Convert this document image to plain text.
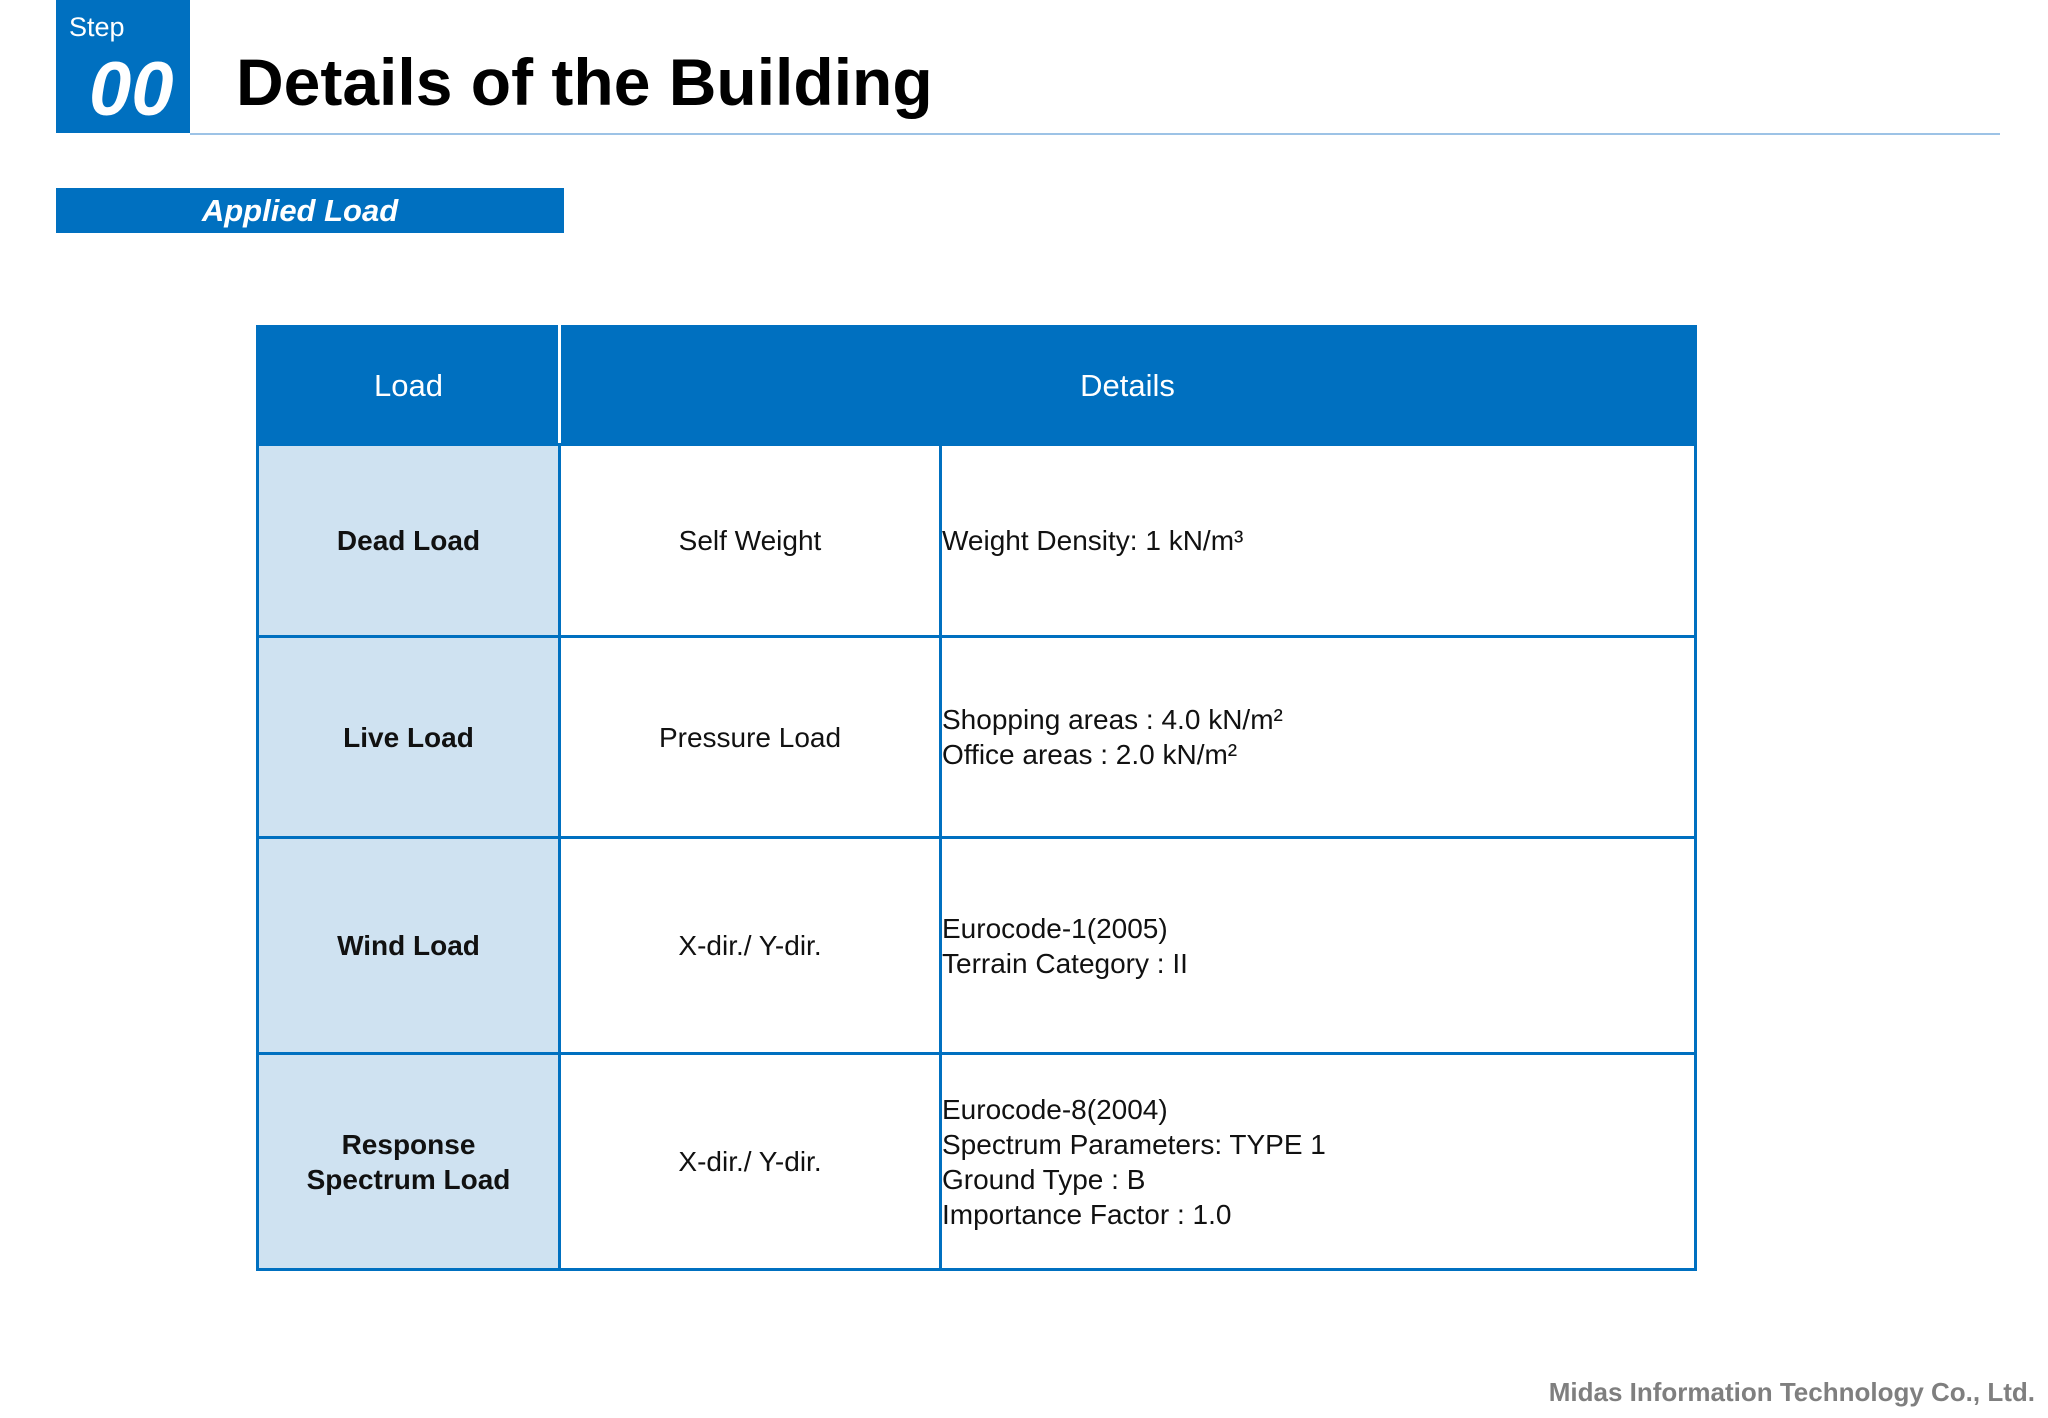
Step
00 Details of the Building
Applied Load
Load	Details	
Dead Load	Self Weight	Weight Density: 1 kN/m³

Live Load	Pressure Load	Shopping areas : 4.0 kN/m²
Office areas : 2.0 kN/m²

Wind Load	X-dir./ Y-dir.	Eurocode-1(2005)
Terrain Category : II

Response Spectrum Load	X-dir./ Y-dir.	Eurocode-8(2004)
Spectrum Parameters: TYPE 1
Ground Type : B
Importance Factor : 1.0
Midas Information Technology Co., Ltd.
